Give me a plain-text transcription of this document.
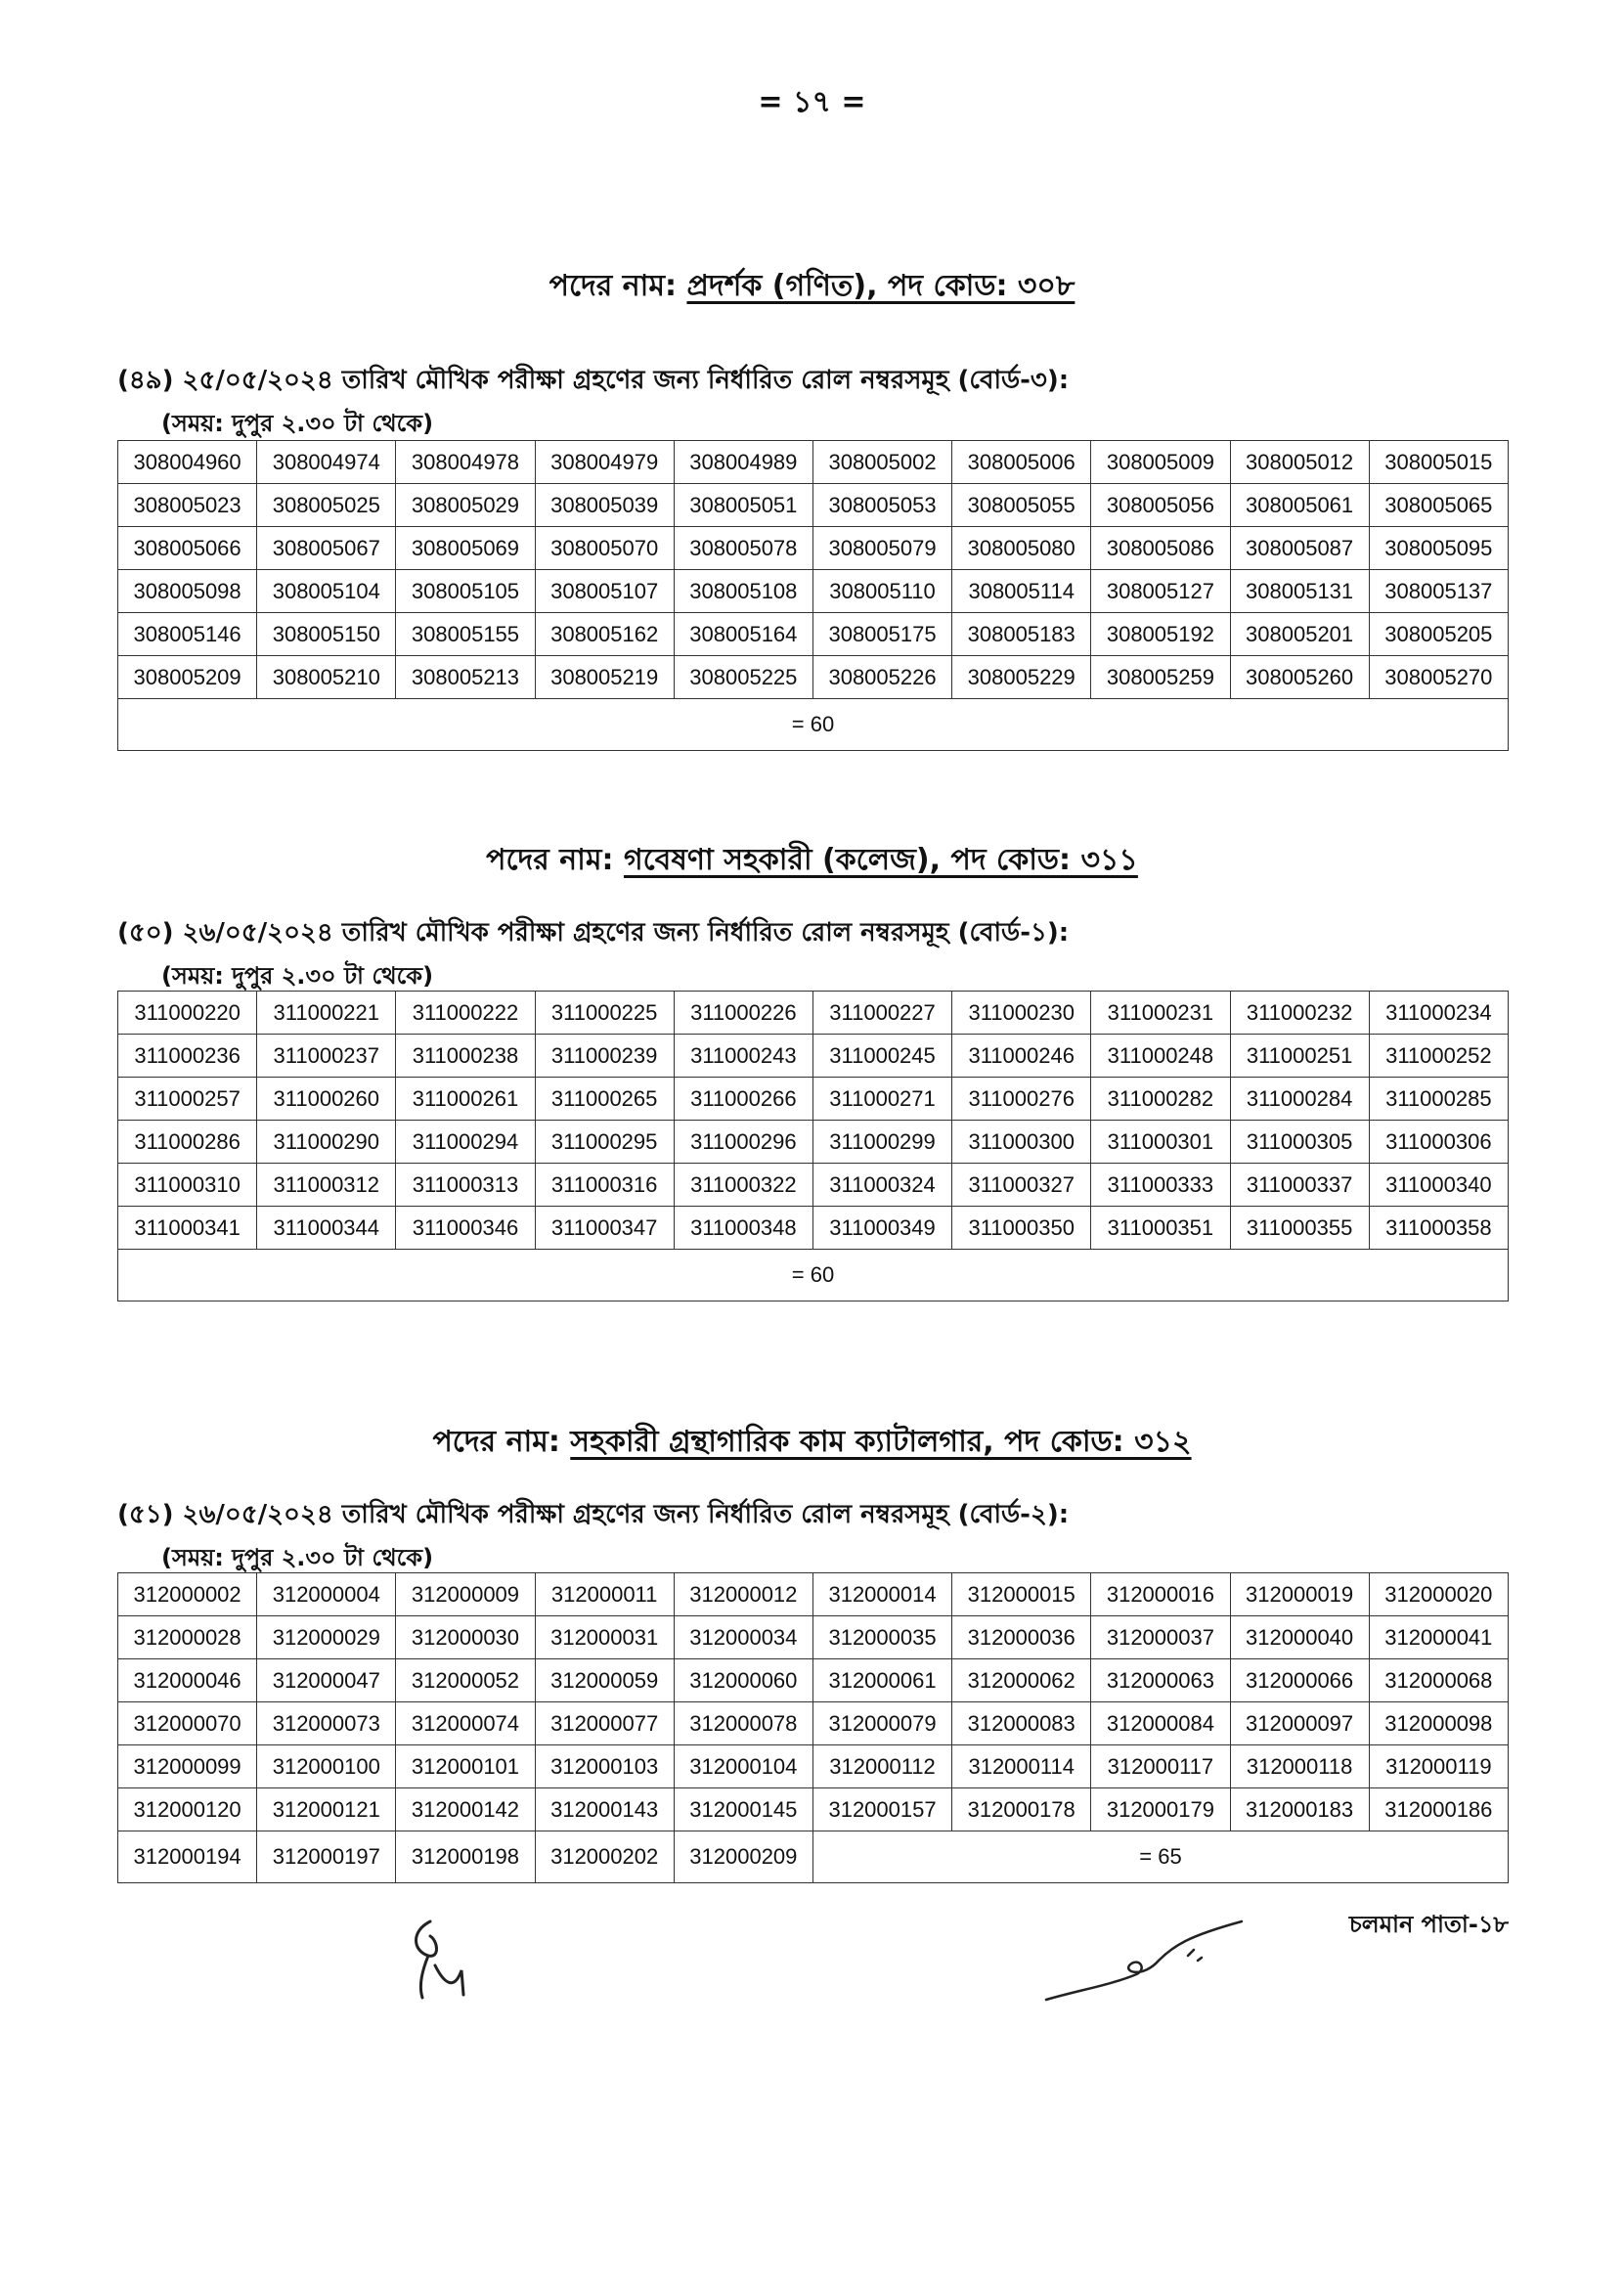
= ১৭ =
পদের নাম: প্রদর্শক (গণিত), পদ কোড: ৩০৮
(৪৯) ২৫/০৫/২০২৪ তারিখ মৌখিক পরীক্ষা গ্রহণের জন্য নির্ধারিত রোল নম্বরসমূহ (বোর্ড-৩):
(সময়: দুপুর ২.৩০ টা থেকে)
308004960	308004974	308004978	308004979	308004989	308005002	308005006	308005009	308005012	308005015
308005023	308005025	308005029	308005039	308005051	308005053	308005055	308005056	308005061	308005065
308005066	308005067	308005069	308005070	308005078	308005079	308005080	308005086	308005087	308005095
308005098	308005104	308005105	308005107	308005108	308005110	308005114	308005127	308005131	308005137
308005146	308005150	308005155	308005162	308005164	308005175	308005183	308005192	308005201	308005205
308005209	308005210	308005213	308005219	308005225	308005226	308005229	308005259	308005260	308005270
= 60									
পদের নাম: গবেষণা সহকারী (কলেজ), পদ কোড: ৩১১
(৫০) ২৬/০৫/২০২৪ তারিখ মৌখিক পরীক্ষা গ্রহণের জন্য নির্ধারিত রোল নম্বরসমূহ (বোর্ড-১):
(সময়: দুপুর ২.৩০ টা থেকে)
311000220	311000221	311000222	311000225	311000226	311000227	311000230	311000231	311000232	311000234
311000236	311000237	311000238	311000239	311000243	311000245	311000246	311000248	311000251	311000252
311000257	311000260	311000261	311000265	311000266	311000271	311000276	311000282	311000284	311000285
311000286	311000290	311000294	311000295	311000296	311000299	311000300	311000301	311000305	311000306
311000310	311000312	311000313	311000316	311000322	311000324	311000327	311000333	311000337	311000340
311000341	311000344	311000346	311000347	311000348	311000349	311000350	311000351	311000355	311000358
= 60									
পদের নাম: সহকারী গ্রন্থাগারিক কাম ক্যাটালগার, পদ কোড: ৩১২
(৫১) ২৬/০৫/২০২৪ তারিখ মৌখিক পরীক্ষা গ্রহণের জন্য নির্ধারিত রোল নম্বরসমূহ (বোর্ড-২):
(সময়: দুপুর ২.৩০ টা থেকে)
312000002	312000004	312000009	312000011	312000012	312000014	312000015	312000016	312000019	312000020
312000028	312000029	312000030	312000031	312000034	312000035	312000036	312000037	312000040	312000041
312000046	312000047	312000052	312000059	312000060	312000061	312000062	312000063	312000066	312000068
312000070	312000073	312000074	312000077	312000078	312000079	312000083	312000084	312000097	312000098
312000099	312000100	312000101	312000103	312000104	312000112	312000114	312000117	312000118	312000119
312000120	312000121	312000142	312000143	312000145	312000157	312000178	312000179	312000183	312000186
312000194	312000197	312000198	312000202	312000209	= 65				
চলমান পাতা-১৮
